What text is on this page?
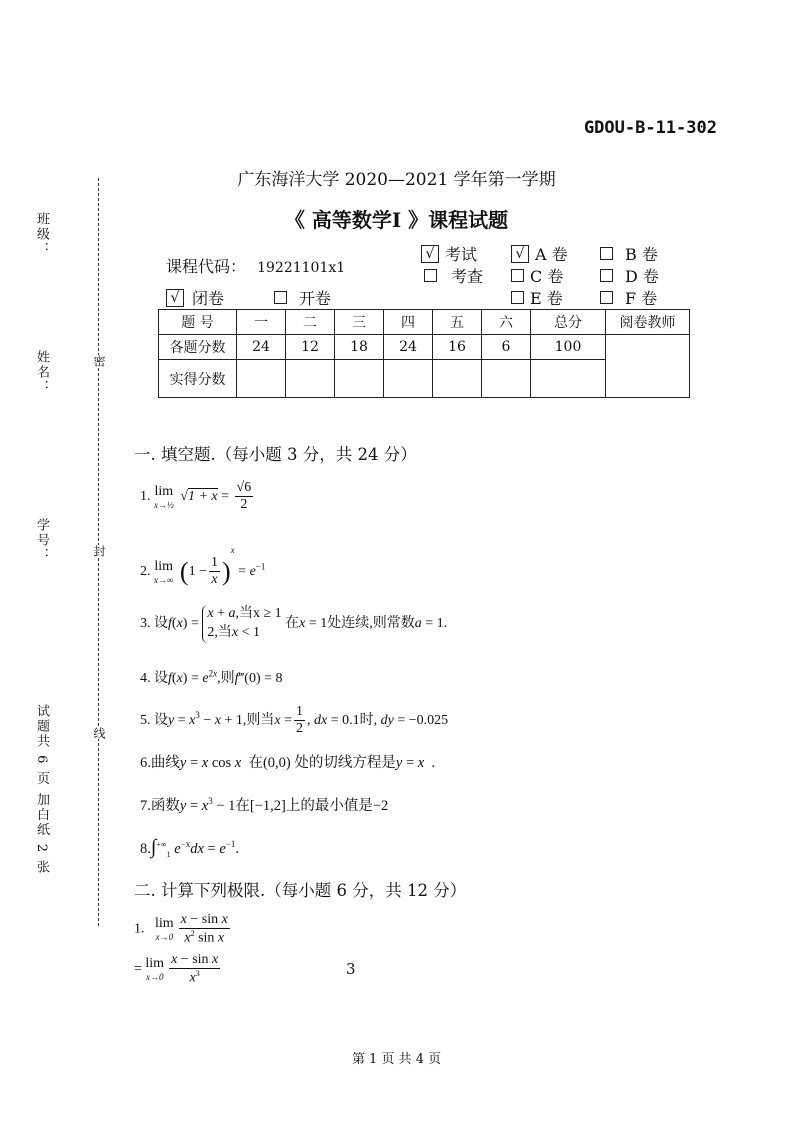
GDOU-B-11-302
广东海洋大学 2020—2021 学年第一学期
《 高等数学Ⅰ 》课程试题
班级：
姓名：
学号：
试题共 6 页 加白纸 2 张
密
封
线
课程代码： 19221101x1
√ 考试	√ A 卷	B 卷
考查	C 卷	D 卷
√ 闭卷	开卷	E 卷	F 卷
题 号	一	二	三	四	五	六	总分	阅卷教师
各题分数	24	12	18	24	16	6	100	
实得分数								
一. 填空题.（每小题 3 分，共 24 分）
1. lim
x→½
$√1 + x = \frac{√6}{2}$
2. lim
x→∞ $(1 - \frac{1}{x} )^x = e^{-1}$
3. 设f(x) = x + a,当x ≥ 1
2,当x < 1 在x = 1处连续,则常数a = 1.
4. 设$f(x) = e^{2x}$,则f‴(0) = 8
5. 设$y = x^3 - x + 1$,则当$x = \frac{1}{2}$ , dx = 0.1时, dy = −0.025
6.曲线y = x cos x  在(0,0) 处的切线方程是y = x  .
7.函数$y = x^3 - 1$在[−1,2]上的最小值是−2
$8.\int^{+\infty}_1$ $e^{-x}dx = e^{-1}$.
二. 计算下列极限.（每小题 6 分，共 12 分）
1. lim
$x\to 0 \frac{\text{x − sin x}}{x^2 \sin x}$
= lim
$x\to 0 \frac{\text{x − sin x}}{x^3}$	3
第 1 页 共 4 页
